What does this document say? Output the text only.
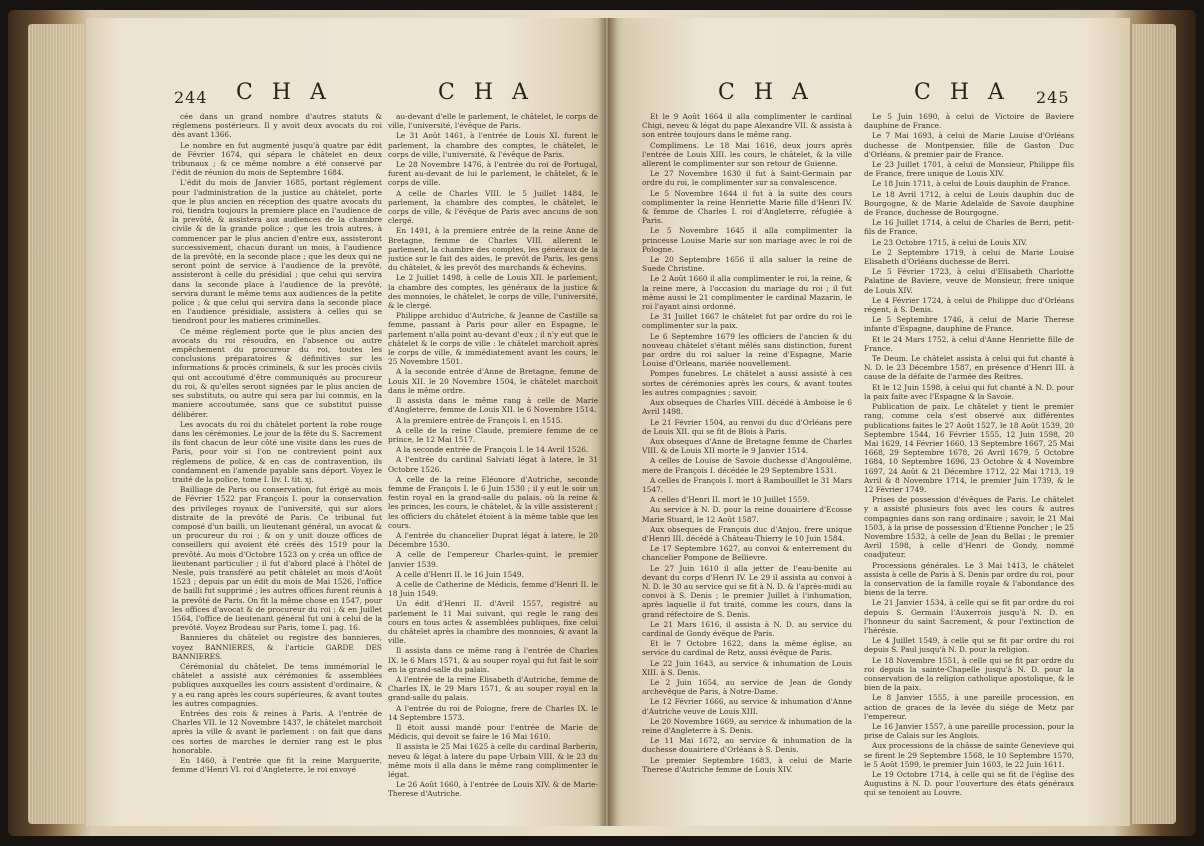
244 C H A	C H A

cée dans un grand nombre d'autres statuts & réglemens postérieurs. Il y avoit deux avocats du roi dès avant 1366.

Le nombre en fut augmenté jusqu'à quatre par édit de Février 1674, qui sépara le châtelet en deux tribunaux ; & ce même nombre a été conservé par l'édit de réunion du mois de Septembre 1684.

L'édit du mois de Janvier 1685, portant réglement pour l'administration de la justice au châtelet, porte que le plus ancien en réception des quatre avocats du roi, tiendra toujours la premiere place en l'audience de la prevôté, & assistera aux audiences de la chambre civile & de la grande police ; que les trois autres, à commencer par le plus ancien d'entre eux, assisteront successivement, chacun durant un mois, à l'audience de la prevôté, en la seconde place ; que les deux qui ne seront point de service à l'audience de la prevôté, assisteront à celle du présidial ; que celui qui servira dans la seconde place à l'audience de la prevôté, servira durant le même tems aux audiences de la petite police ; & que celui qui servira dans la seconde place en l'audience présidiale, assistera à celles qui se tiendront pour les matieres criminelles.

Ce même réglement porte que le plus ancien des avocats du roi résoudra, en l'absence ou autre empêchement du procureur du roi, toutes les conclusions préparatoires & définitives sur les informations & procès criminels, & sur les procès civils qui ont accoutumé d'être communiqués au procureur du roi, & qu'elles seront signées par le plus ancien de ses substituts, ou autre qui sera par lui commis, en la maniere accoutumée, sans que ce substitut puisse délibérer.

Les avocats du roi du châtelet portent la robe rouge dans les cérémonies. Le jour de la fête du S. Sacrement ils font chacun de leur côté une visite dans les rues de Paris, pour voir si l'on ne contrevient point aux réglemens de police, & en cas de contravention, ils condamnent en l'amende payable sans déport. Voyez le traité de la police, tome I. liv. I. tit. xj.

Bailliage de Paris ou conservation, fut érigé au mois de Février 1522 par François I. pour la conservation des privileges royaux de l'université, qui sur alors distraite de la prevôté de Paris. Ce tribunal fut composé d'un bailli, un lieutenant général, un avocat & un procureur du roi ; & on y unit douze offices de conseillers qui avoient été créés dès 1519 pour la prevôté. Au mois d'Octobre 1523 on y créa un office de lieutenant particulier ; il fut d'abord placé à l'hôtel de Nesle, puis transféré au petit châtelet au mois d'Août 1523 ; depuis par un édit du mois de Mai 1526, l'office de bailli fut supprimé ; les autres offices furent réunis à la prevôté de Paris. On fit la même chose en 1547, pour les offices d'avocat & de procureur du roi ; & en Juillet 1564, l'office de lieutenant général fut uni à celui de la prevôté. Voyez Brodeau sur Paris, tome I. pag. 16.

Bannieres du châtelet ou registre des bannieres, voyez BANNIERES, & l'article GARDE DES BANNIERES.

Cérémonial du châtelet. De tems immémorial le châtelet a assisté aux cérémonies & assemblées publiques auxquelles les cours assistent d'ordinaire, & y a eu rang après les cours supérieures, & avant toutes les autres compagnies.

Entrées des rois & reines à Paris. A l'entrée de Charles VII. le 12 Novembre 1437, le châtelet marchoit après la ville & avant le parlement : on fait que dans ces sortes de marches le dernier rang est le plus honorable.

En 1460, à l'entrée que fit la reine Marguerite, femme d'Henri VI. roi d'Angleterre, le roi envoyé

au-devant d'elle le parlement, le châtelet, le corps de ville, l'université, l'évêque de Paris.

Le 31 Août 1461, à l'entrée de Louis XI. furent le parlement, la chambre des comptes, le châtelet, le corps de ville, l'université, & l'évêque de Paris.

Le 28 Novembre 1476, à l'entrée du roi de Portugal, furent au-devant de lui le parlement, le châtelet, & le corps de ville.

A celle de Charles VIII. le 5 Juillet 1484, le parlement, la chambre des comptes, le châtelet, le corps de ville, & l'évêque de Paris avec ancuns de son clergé.

En 1491, à la premiere entrée de la reine Anne de Bretagne, femme de Charles VIII. allerent le parlement, la chambre des comptes, les généraux de la justice sur le fait des aides, le prevôt de Paris, les gens du châtelet, & les prevôt des marchands & échevins.

Le 2 Juillet 1498, à celle de Louis XII. le parlement, la chambre des comptes, les généraux de la justice & des monnoies, le châtelet, le corps de ville, l'université, & le clergé.

Philippe archiduc d'Autriche, & Jeanne de Castille sa femme, passant à Paris pour aller en Espagne, le parlement n'alla point au-devant d'eux ; il n'y eut que le châtelet & le corps de ville : le châtelet marchoit après le corps de ville, & immédiatement avant les cours, le 25 Novembre 1501.

A la seconde entrée d'Anne de Bretagne, femme de Louis XII. le 20 Novembre 1504, le châtelet marchoit dans le même ordre.

Il assista dans le même rang à celle de Marie d'Angleterre, femme de Louis XII. le 6 Novembre 1514.

A la premiere entrée de François I. en 1515.

A celle de la reine Claude, premiere femme de ce prince, le 12 Mai 1517.

A la seconde entrée de François I. le 14 Avril 1526.

A l'entrée du cardinal Salviati légat à latere, le 31 Octobre 1526.

A celle de la reine Eléonore d'Autriche, seconde femme de François I. le 6 Juin 1530 ; il y eut le soir un festin royal en la grand-salle du palais, où la reine & les princes, les cours, le châtelet, & la ville assisterent ; les officiers du châtelet étoient à la même table que les cours.

A l'entrée du chancelier Duprat légat à latere, le 20 Décembre 1530.

A celle de l'empereur Charles-quint, le premier Janvier 1539.

A celle d'Henri II. le 16 Juin 1549.

A celle de Catherine de Médicis, femme d'Henri II. le 18 Juin 1549.

Un édit d'Henri II. d'Avril 1557, registré au parlement le 11 Mai suivant, qui regle le rang des cours en tous actes & assemblées publiques, fixe celui du châtelet après la chambre des monnoies, & avant la ville.

Il assista dans ce même rang à l'entrée de Charles IX. le 6 Mars 1571, & au souper royal qui fut fait le soir en la grand-salle du palais.

A l'entrée de la reine Elisabeth d'Autriche, femme de Charles IX. le 29 Mars 1571, & au souper royal en la grand-salle du palais.

A l'entrée du roi de Pologne, frere de Charles IX. le 14 Septembre 1573.

Il étoit aussi mandé pour l'entrée de Marie de Médicis, qui devoit se faire le 16 Mai 1610.

Il assista le 25 Mai 1625 à celle du cardinal Barberin, neveu & légat à latere du pape Urbain VIII. & le 23 du même mois il alla dans le même rang complimenter le légat.

Le 26 Août 1660, à l'entrée de Louis XIV. & de Marie-Therese d'Autriche.

C H A	C H A 245

Et le 9 Août 1664 il alla complimenter le cardinal Chigi, neveu & légat du pape Alexandre VII. & assista à son entrée toujours dans le même rang.

Complimens. Le 18 Mai 1616, deux jours après l'entrée de Louis XIII. les cours, le châtelet, & la ville allerent le complimenter sur son retour de Guienne.

Le 27 Novembre 1630 il fut à Saint-Germain par ordre du roi, le complimenter sur sa convalescence.

Le 5 Novembre 1644 il fut à la suite des cours complimenter la reine Henriette Marie fille d'Henri IV. & femme de Charles I. roi d'Angleterre, réfugiée à Paris.

Le 5 Novembre 1645 il alla complimenter la princesse Louise Marie sur son mariage avec le roi de Pologne.

Le 20 Septembre 1656 il alla saluer la reine de Suede Christine.

Le 2 Août 1660 il alla complimenter le roi, la reine, & la reine mere, à l'occasion du mariage du roi ; il fut même aussi le 21 complimenter le cardinal Mazarin, le roi l'ayant ainsi ordonné.

Le 31 Juillet 1667 le châtelet fut par ordre du roi le complimenter sur la paix.

Le 6 Septembre 1679 les officiers de l'ancien & du nouveau châtelet s'étant mêlés sans distinction, furent par ordre du roi saluer la reine d'Espagne, Marie Louise d'Orleans, mariée nouvellement.

Pompes funebres. Le châtelet a aussi assisté à ces sortes de cérémonies après les cours, & avant toutes les autres compagnies ; savoir,

Aux obseques de Charles VIII. décédé à Amboise le 6 Avril 1498.

Le 21 Février 1504, au renvoi du duc d'Orléans pere de Louis XII. qui se fit de Blois à Paris.

Aux obseques d'Anne de Bretagne femme de Charles VIII. & de Louis XII morte le 9 Janvier 1514.

A celles de Louise de Savoie duchesse d'Angoulême, mere de François I. décédée le 29 Septembre 1531.

A celles de François I. mort à Rambouillet le 31 Mars 1547.

A celles d'Henri II. mort le 10 Juillet 1559.

Au service à N. D. pour la reine douairiere d'Ecosse Marie Stuard, le 12 Août 1587.

Aux obseques de François duc d'Anjou, frere unique d'Henri III. décédé à Château-Thierry le 10 Juin 1584.

Le 17 Septembre 1627, au convoi & enterrement du chancelier Pompone de Bellievre.

Le 27 Juin 1610 il alla jetter de l'eau-benite au devant du corps d'Henri IV. Le 29 il assista au convoi à N. D. le 30 au service qui se fit à N. D. & l'après-midi au convoi à S. Denis ; le premier Juillet à l'inhumation, après laquelle il fut traité, comme les cours, dans la grand réfectoire de S. Denis.

Le 21 Mars 1616, il assista à N. D. au service du cardinal de Gondy évêque de Paris.

Et le 7 Octobre 1622, dans la même église, au service du cardinal de Retz, aussi évêque de Paris.

Le 22 Juin 1643, au service & inhumation de Louis XIII. à S. Denis.

Le 2 Juin 1654, au service de Jean de Gondy archevêque de Paris, à Notre-Dame.

Le 12 Février 1666, au service & inhumation d'Anne d'Autriche veuve de Louis XIII.

Le 20 Novembre 1669, au service & inhumation de la reine d'Angleterre à S. Denis.

Le 11 Mai 1672, au service & inhumation de la duchesse douairiere d'Orléans à S. Denis.

Le premier Septembre 1683, à celui de Marie Therese d'Autriche femme de Louis XIV.

Le 5 Juin 1690, à celui de Victoire de Baviere dauphine de France.

Le 7 Mai 1693, à celui de Marie Louise d'Orléans duchesse de Montpensier, fille de Gaston Duc d'Orléans, & premier pair de France.

Le 23 Juillet 1701, à celui de Monsieur, Philippe fils de France, frere unique de Louis XIV.

Le 18 Juin 1711, à celui de Louis dauphin de France.

Le 18 Avril 1712, à celui de Louis dauphin duc de Bourgogne, & de Marie Adelaïde de Savoie dauphine de France, duchesse de Bourgogne.

Le 16 Juillet 1714, à celui de Charles de Berri, petit-fils de France.

Le 23 Octobre 1715, à celui de Louis XIV.

Le 2 Septembre 1719, à celui de Marie Louise Elisabeth d'Orléans duchesse de Berri.

Le 5 Février 1723, à celui d'Elisabeth Charlotte Palatine de Baviere, veuve de Monsieur, frere unique de Louis XIV.

Le 4 Février 1724, à celui de Philippe duc d'Orléans régent, à S. Denis.

Le 5 Septembre 1746, à celui de Marie Therese infante d'Espagne, dauphine de France.

Et le 24 Mars 1752, à celui d'Anne Henriette fille de France.

Te Deum. Le châtelet assista à celui qui fut chanté à N. D. le 23 Décembre 1587, en présence d'Henri III. à cause de la défaite de l'armée des Reitres.

Et le 12 Juin 1598, à celui qui fut chanté à N. D. pour la paix faite avec l'Espagne & la Savoie.

Publication de paix. Le châtelet y tient le premier rang, comme cela s'est observé aux différentes publications faites le 27 Août 1527, le 18 Août 1539, 20 Septembre 1544, 16 Février 1555, 12 Juin 1598, 20 Mai 1629, 14 Février 1660, 13 Septembre 1667, 25 Mai 1668, 29 Septembre 1678, 26 Avril 1679, 5 Octobre 1684, 10 Septembre 1696, 23 Octobre & 4 Novembre 1697, 24 Août & 21 Décembre 1712, 22 Mai 1713, 19 Avril & 8 Novembre 1714, le premier Juin 1739, & le 12 Février 1749.

Prises de possession d'évêques de Paris. Le châtelet y a assisté plusieurs fois avec les cours & autres compagnies dans son rang ordinaire ; savoir, le 21 Mai 1503, à la prise de possession d'Etienne Poncher ; le 25 Novembre 1532, à celle de Jean du Bellai ; le premier Avril 1598, à celle d'Henri de Gondy, nommé coadjuteur.

Processions générales. Le 3 Mai 1413, le châtelet assista à celle de Paris à S. Denis par ordre du roi, pour la conservation de la famille royale & l'abondance des biens de la terre.

Le 21 Janvier 1534, à celle qui se fit par ordre du roi depuis S. Germain l'Auxerrois jusqu'à N. D. en l'honneur du saint Sacrement, & pour l'extinction de l'hérésie.

Le 4 Juillet 1549, à celle qui se fit par ordre du roi depuis S. Paul jusqu'à N. D. pour la religion.

Le 18 Novembre 1551, à celle qui se fit par ordre du roi depuis la sainte-Chapelle jusqu'à N. D. pour la conservation de la religion catholique apostolique, & le bien de la paix.

Le 8 Janvier 1555, à une pareille procession, en action de graces de la levée du siége de Metz par l'empereur.

Le 16 Janvier 1557, à une pareille procession, pour la prise de Calais sur les Anglois.

Aux processions de la châsse de sainte Genevieve qui se firent le 29 Septembre 1568, le 10 Septembre 1570, le 5 Août 1599, le premier Juin 1603, le 22 Juin 1611.

Le 19 Octobre 1714, à celle qui se fit de l'église des Augustins à N. D. pour l'ouverture des états généraux qui se tenoient au Louvre.
